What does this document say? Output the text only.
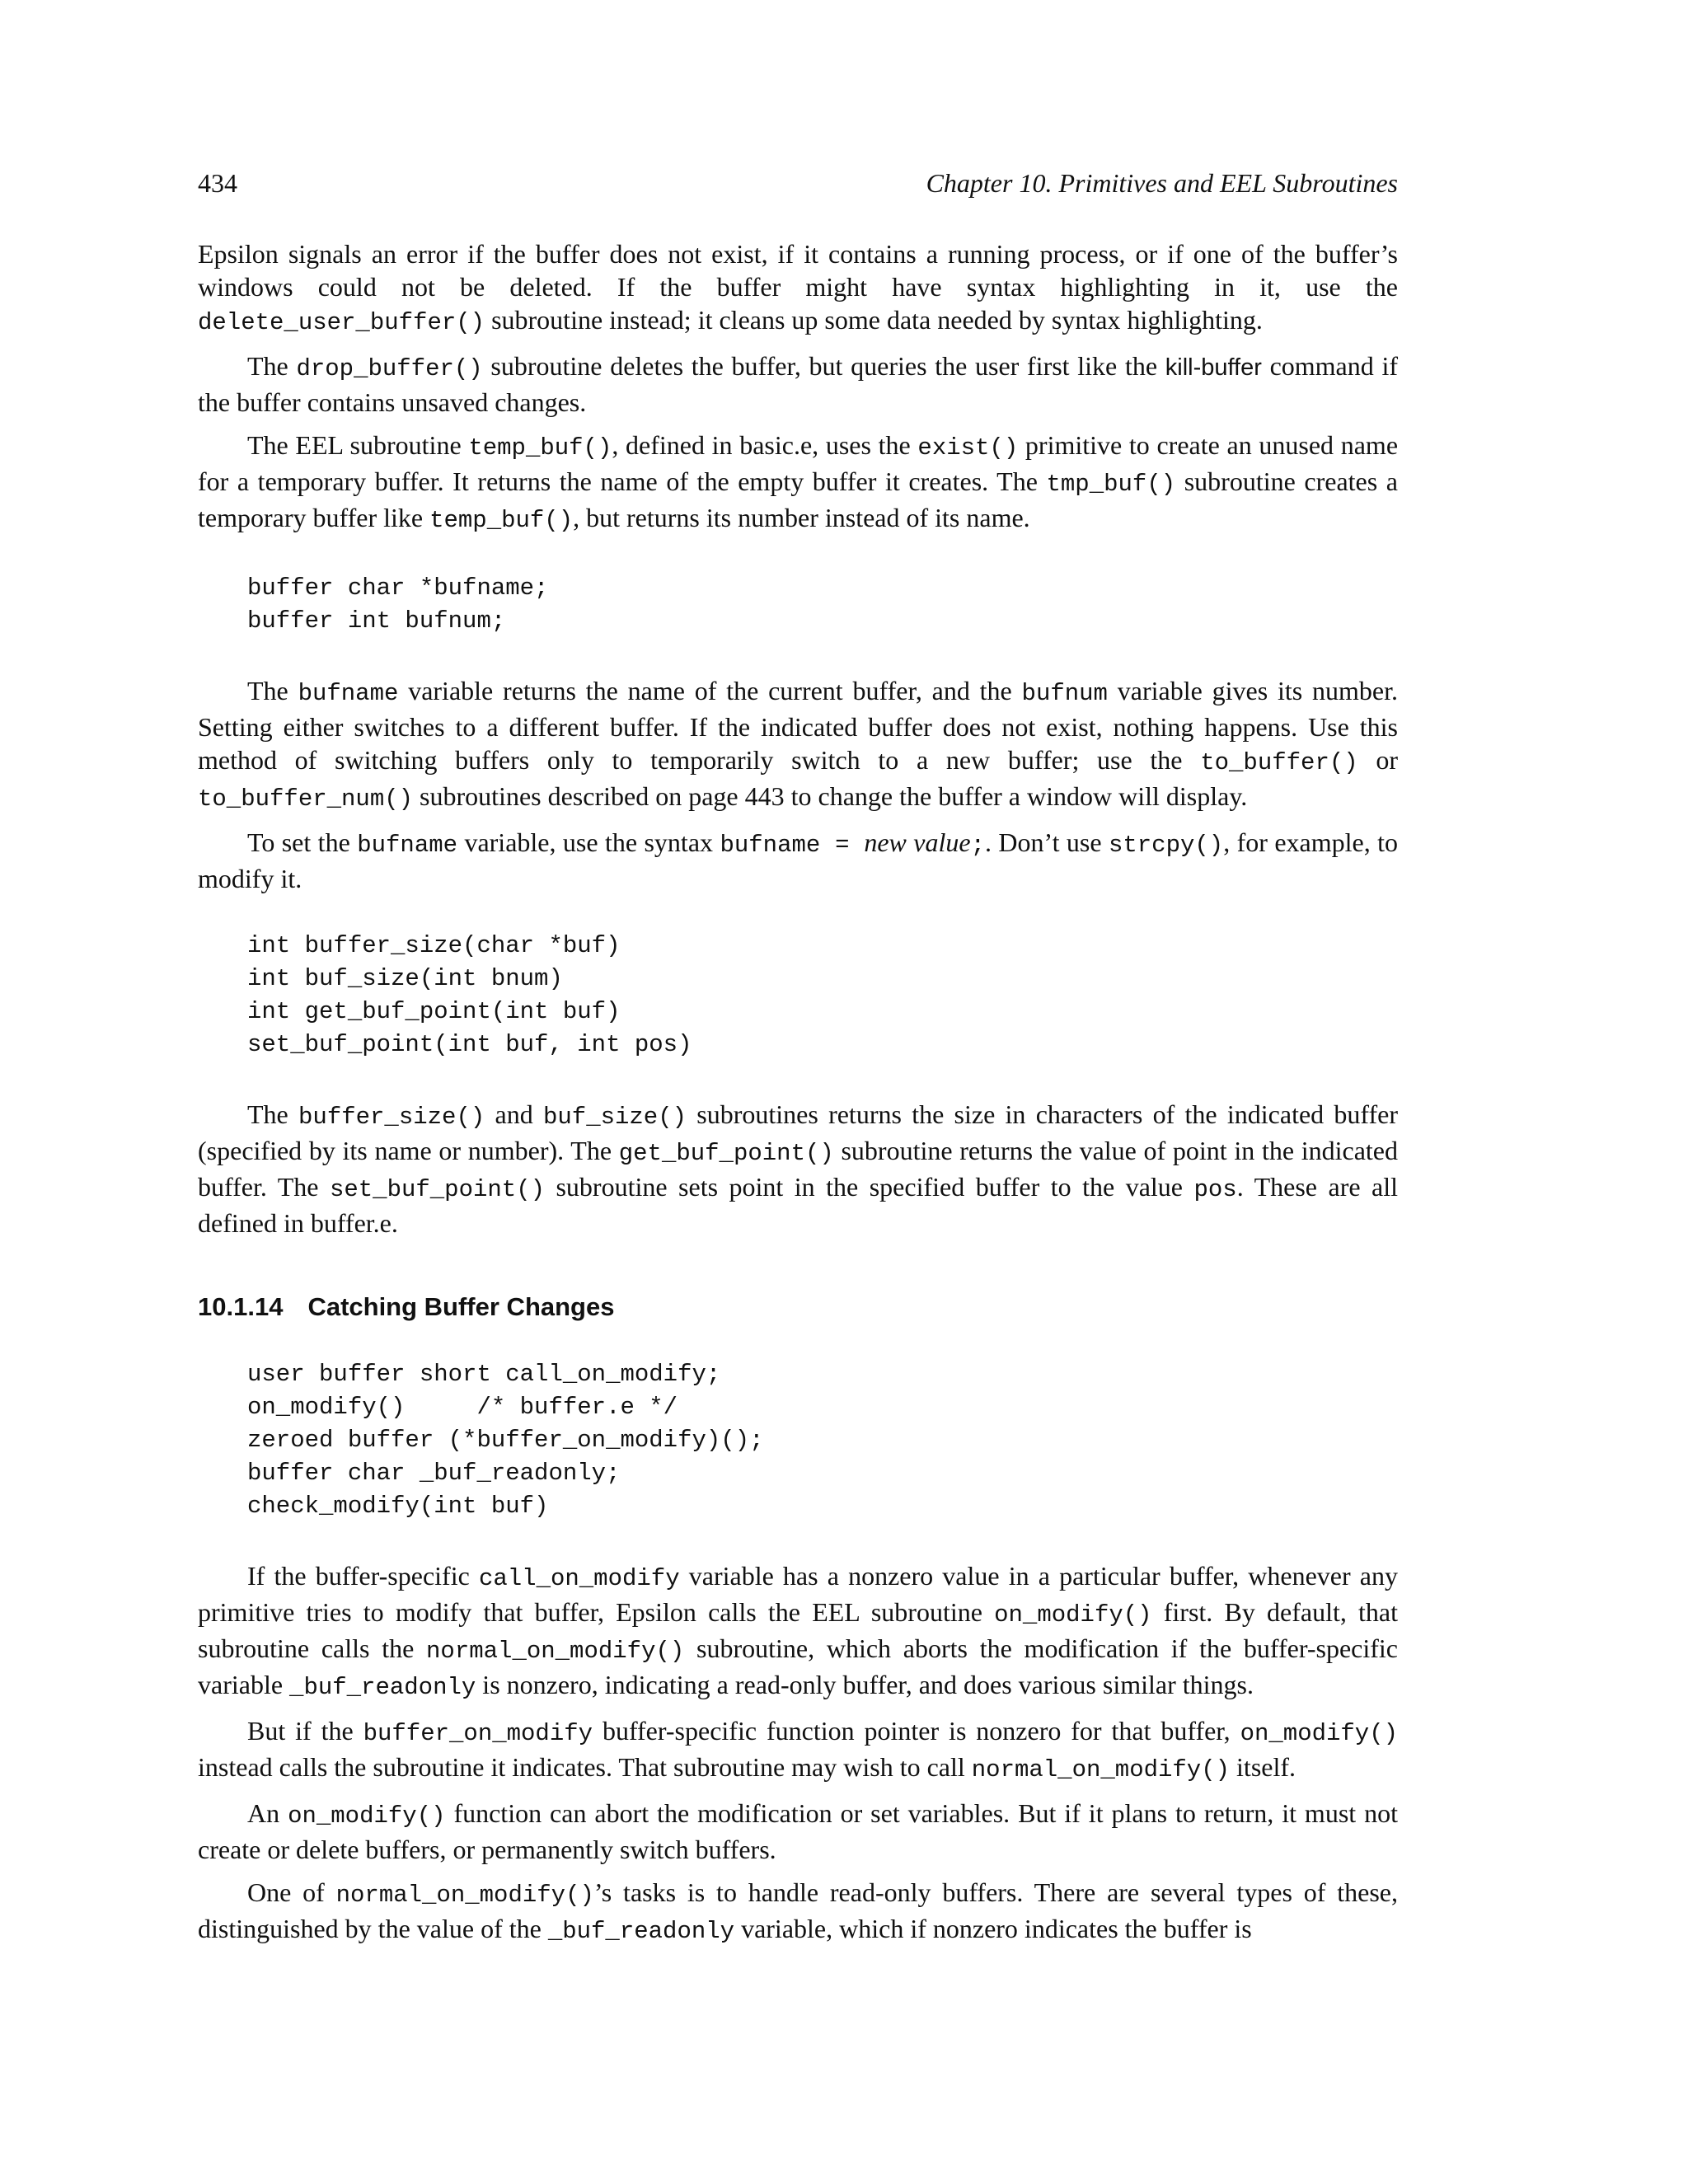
434	Chapter 10. Primitives and EEL Subroutines

Epsilon signals an error if the buffer does not exist, if it contains a running process, or if one of the buffer’s windows could not be deleted. If the buffer might have syntax highlighting in it, use the delete_user_buffer() subroutine instead; it cleans up some data needed by syntax highlighting.

The drop_buffer() subroutine deletes the buffer, but queries the user first like the kill-buffer command if the buffer contains unsaved changes.

The EEL subroutine temp_buf(), defined in basic.e, uses the exist() primitive to create an unused name for a temporary buffer. It returns the name of the empty buffer it creates. The tmp_buf() subroutine creates a temporary buffer like temp_buf(), but returns its number instead of its name.

buffer char *bufname;
buffer int bufnum;

The bufname variable returns the name of the current buffer, and the bufnum variable gives its number. Setting either switches to a different buffer. If the indicated buffer does not exist, nothing happens. Use this method of switching buffers only to temporarily switch to a new buffer; use the to_buffer() or to_buffer_num() subroutines described on page 443 to change the buffer a window will display.

To set the bufname variable, use the syntax bufname = new value;. Don’t use strcpy(), for example, to modify it.

int buffer_size(char *buf)
int buf_size(int bnum)
int get_buf_point(int buf)
set_buf_point(int buf, int pos)

The buffer_size() and buf_size() subroutines returns the size in characters of the indicated buffer (specified by its name or number). The get_buf_point() subroutine returns the value of point in the indicated buffer. The set_buf_point() subroutine sets point in the specified buffer to the value pos. These are all defined in buffer.e.

10.1.14 Catching Buffer Changes
user buffer short call_on_modify;
on_modify()     /* buffer.e */
zeroed buffer (*buffer_on_modify)();
buffer char _buf_readonly;
check_modify(int buf)

If the buffer-specific call_on_modify variable has a nonzero value in a particular buffer, whenever any primitive tries to modify that buffer, Epsilon calls the EEL subroutine on_modify() first. By default, that subroutine calls the normal_on_modify() subroutine, which aborts the modification if the buffer-specific variable _buf_readonly is nonzero, indicating a read-only buffer, and does various similar things.

But if the buffer_on_modify buffer-specific function pointer is nonzero for that buffer, on_modify() instead calls the subroutine it indicates. That subroutine may wish to call normal_on_modify() itself.

An on_modify() function can abort the modification or set variables. But if it plans to return, it must not create or delete buffers, or permanently switch buffers.

One of normal_on_modify()’s tasks is to handle read-only buffers. There are several types of these, distinguished by the value of the _buf_readonly variable, which if nonzero indicates the buffer is
